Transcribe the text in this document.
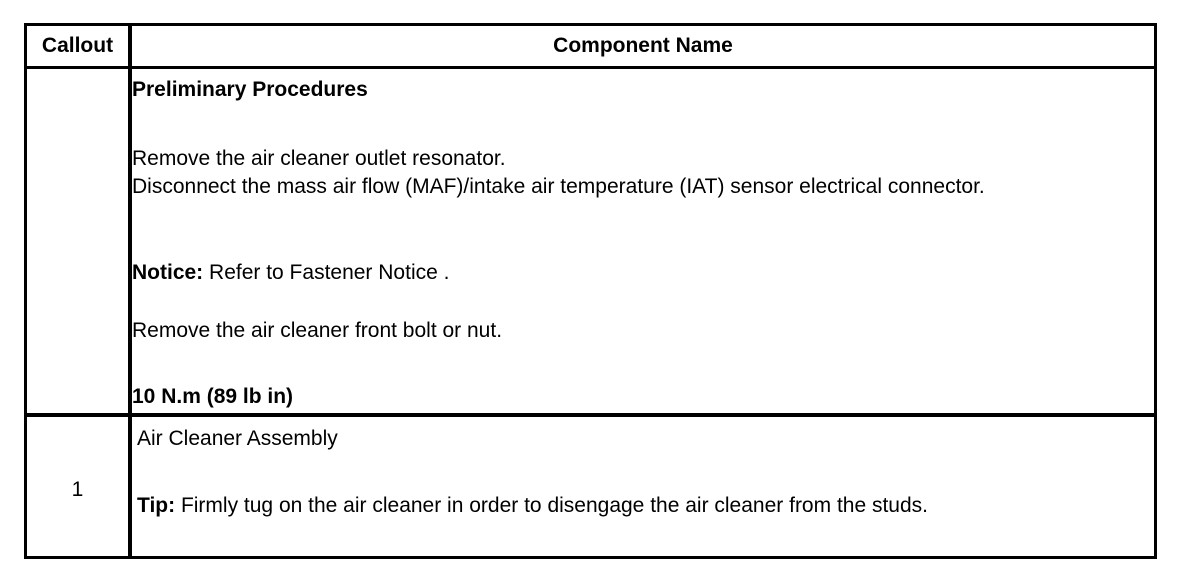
Callout	Component Name
Preliminary Procedures
Remove the air cleaner outlet resonator.
Disconnect the mass air flow (MAF)/intake air temperature (IAT) sensor electrical connector.
Notice: Refer to Fastener Notice .
Remove the air cleaner front bolt or nut.
10 N.m (89 lb in)
1
Air Cleaner Assembly
Tip: Firmly tug on the air cleaner in order to disengage the air cleaner from the studs.
